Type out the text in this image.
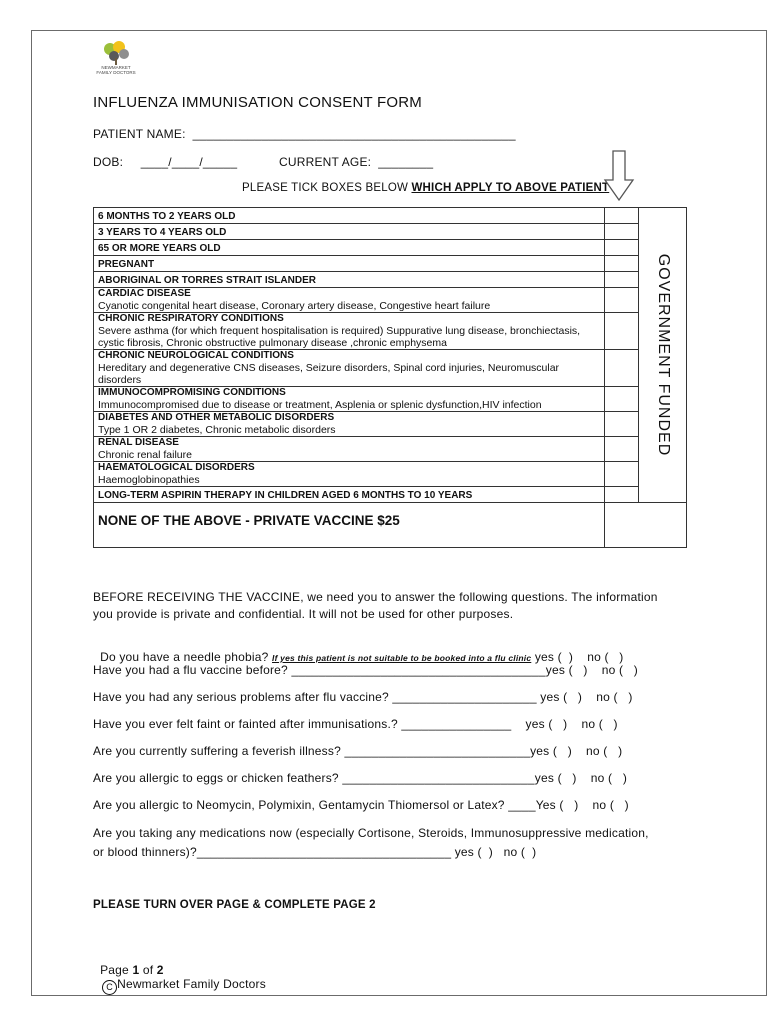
NEWMARKET
FAMILY DOCTORS
INFLUENZA IMMUNISATION CONSENT FORM
PATIENT NAME:  _______________________________________________
DOB:     ____/____/_____	CURRENT AGE:  ________
PLEASE TICK BOXES BELOW WHICH APPLY TO ABOVE PATIENT
6 MONTHS TO 2 YEARS OLD		GOVERNMENT FUNDED

3 YEARS TO 4 YEARS OLD		

65 OR MORE YEARS OLD		

PREGNANT		

ABORIGINAL OR TORRES STRAIT ISLANDER		

CARDIAC DISEASE
Cyanotic congenital heart disease, Coronary artery disease, Congestive heart failure		

CHRONIC RESPIRATORY CONDITIONS
Severe asthma (for which frequent hospitalisation is required) Suppurative lung disease, bronchiectasis, cystic fibrosis, Chronic obstructive pulmonary disease ,chronic emphysema		

CHRONIC NEUROLOGICAL CONDITIONS
Hereditary and degenerative CNS diseases, Seizure disorders, Spinal cord injuries, Neuromuscular disorders		

IMMUNOCOMPROMISING CONDITIONS
Immunocompromised due to disease or treatment, Asplenia or splenic dysfunction,HIV infection		

DIABETES AND OTHER METABOLIC DISORDERS
Type 1 OR 2 diabetes, Chronic metabolic disorders		

RENAL DISEASE
Chronic renal failure		

HAEMATOLOGICAL DISORDERS
Haemoglobinopathies		

LONG-TERM ASPIRIN THERAPY IN CHILDREN AGED 6 MONTHS TO 10 YEARS		

NONE OF THE ABOVE - PRIVATE VACCINE $25		

BEFORE RECEIVING THE VACCINE, we need you to answer the following questions. The information
you provide is private and confidential. It will not be used for other purposes.

Do you have a needle phobia? If yes this patient is not suitable to be booked into a flu clinic yes (  )    no (   )

Have you had a flu vaccine before? _____________________________________yes (   )    no (   )
Have you had any serious problems after flu vaccine? _____________________ yes (   )    no (   )
Have you ever felt faint or fainted after immunisations.? ________________    yes (   )    no (   )
Are you currently suffering a feverish illness? ___________________________yes (   )    no (   )
Are you allergic to eggs or chicken feathers? ____________________________yes (   )    no (   )
Are you allergic to Neomycin, Polymixin, Gentamycin Thiomersol or Latex? ____Yes (   )    no (   )
Are you taking any medications now (especially Cortisone, Steroids, Immunosuppressive medication,
or blood thinners)?_____________________________________ yes (  )   no (  )
PLEASE TURN OVER PAGE & COMPLETE PAGE 2

Page 1 of 2
C Newmarket Family Doctors
